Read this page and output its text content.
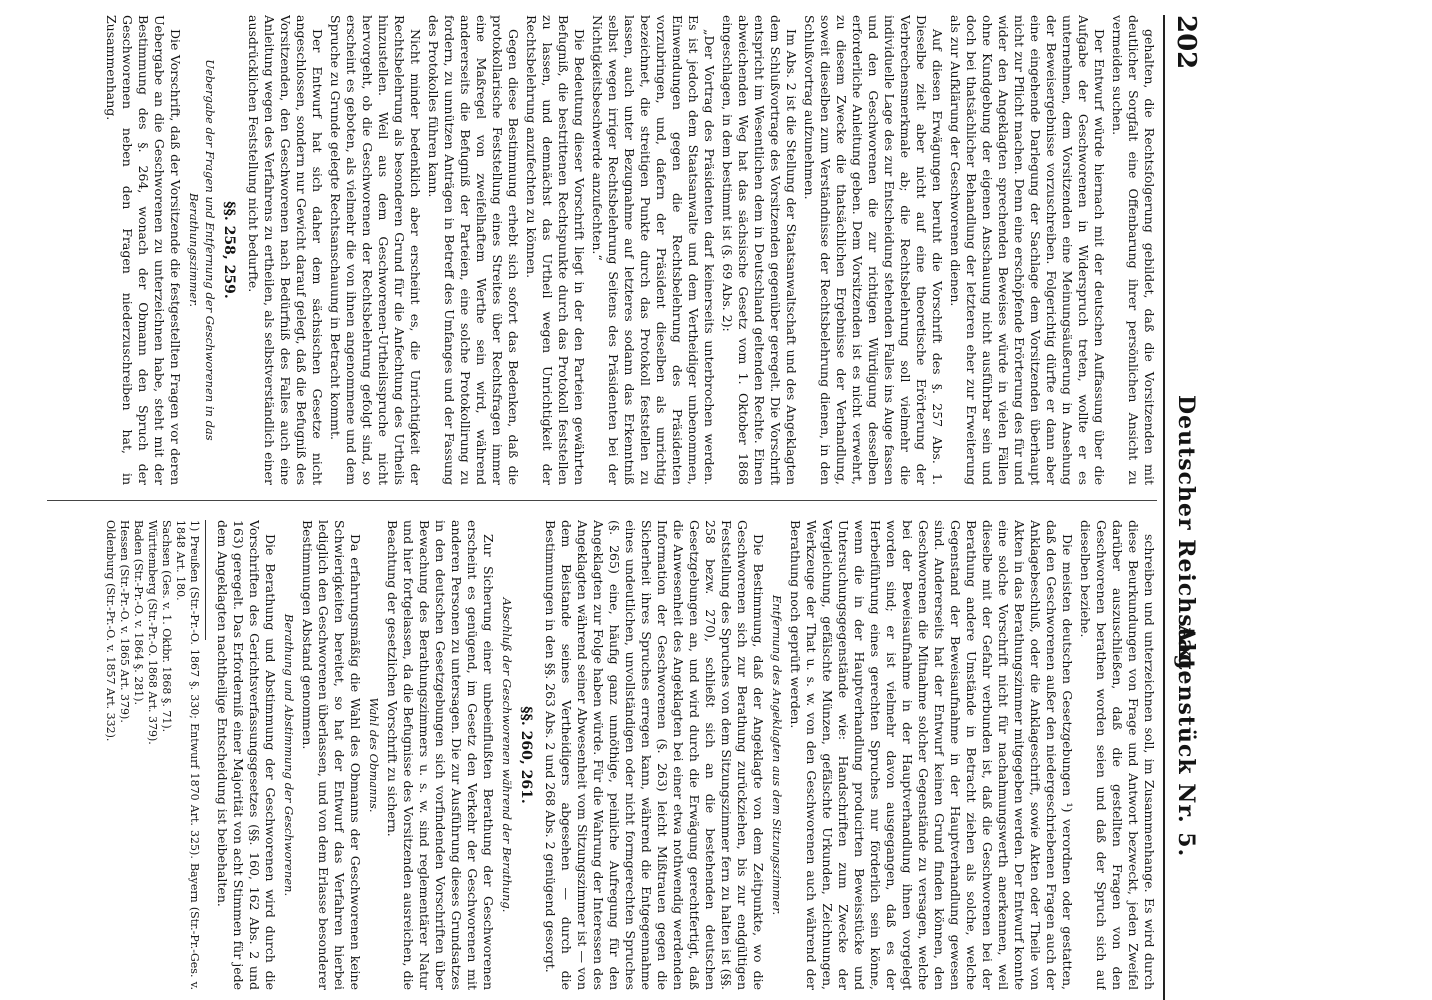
202
Deutscher Reichstag.
Aktenstück Nr. 5.

gehalten, die Rechtsfolgerung gebildet, daß die Vorsitzenden mit deutlicher Sorgfalt eine Offenbarung ihrer persönlichen Ansicht zu vermeiden suchen.

Der Entwurf würde hiernach mit der deutschen Auffassung über die Aufgabe der Geschworenen in Widerspruch treten, wollte er es unternehmen, dem Vorsitzenden eine Meinungsäußerung in Ansehung der Beweisergebnisse vorzuschreiben. Folgerichtig dürfte er dann aber eine eingehende Darlegung der Sachlage dem Vorsitzenden überhaupt nicht zur Pflicht machen. Denn eine erschöpfende Erörterung des für und wider den Angeklagten sprechenden Beweises würde in vielen Fällen ohne Kundgebung der eigenen Anschauung nicht ausführbar sein und doch bei thatsächlicher Behandlung der letzteren eher zur Erweiterung als zur Aufklärung der Geschworenen dienen.

Auf diesen Erwägungen beruht die Vorschrift des §. 257 Abs. 1. Dieselbe zielt aber nicht auf eine theoretische Erörterung der Verbrechensmerkmale ab; die Rechtsbelehrung soll vielmehr die individuelle Lage des zur Entscheidung stehenden Falles ins Auge fassen und den Geschworenen die zur richtigen Würdigung desselben erforderliche Anleitung geben. Dem Vorsitzenden ist es nicht verwehrt, zu diesem Zwecke die thatsächlichen Ergebnisse der Verhandlung, soweit dieselben zum Verständnisse der Rechtsbelehrung dienen, in den Schlußvortrag aufzunehmen.

Im Abs. 2 ist die Stellung der Staatsanwaltschaft und des Angeklagten dem Schlußvortrage des Vorsitzenden gegenüber geregelt. Die Vorschrift entspricht im Wesentlichen dem in Deutschland geltenden Rechte. Einen abweichenden Weg hat das sächsische Gesetz vom 1. Oktober 1868 eingeschlagen, in dem bestimmt ist (§. 69 Abs. 2):

„Der Vortrag des Präsidenten darf keinerseits unterbrochen werden. Es ist jedoch dem Staatsanwalte und dem Vertheidiger unbenommen, Einwendungen gegen die Rechtsbelehrung des Präsidenten vorzubringen, und, dafern der Präsident dieselben als unrichtig bezeichnet, die streitigen Punkte durch das Protokoll feststellen zu lassen, auch unter Bezugnahme auf letzteres sodann das Erkenntniß selbst wegen irriger Rechtsbelehrung Seitens des Präsidenten bei der Nichtigkeitsbeschwerde anzufechten.“

Die Bedeutung dieser Vorschrift liegt in der den Parteien gewährten Befugniß, die bestrittenen Rechtspunkte durch das Protokoll feststellen zu lassen, und demnächst das Urtheil wegen Unrichtigkeit der Rechtsbelehrung anzufechten zu können.

Gegen diese Bestimmung erhebt sich sofort das Bedenken, daß die protokollarische Feststellung eines Streites über Rechtsfragen immer eine Maßregel von zweifelhaftem Werthe sein wird, während andererseits die Befugniß der Parteien, eine solche Protokollirung zu fordern, zu unnützen Anträgen in Betreff des Umfanges und der Fassung des Protokolles führen kann.

Nicht minder bedenklich aber erscheint es, die Unrichtigkeit der Rechtsbelehrung als besonderen Grund für die Anfechtung des Urtheils hinzustellen. Weil aus dem Geschworenen-Urtheilsspruche nicht hervorgeht, ob die Geschworenen der Rechtsbelehrung gefolgt sind, so erscheint es geboten, als vielmehr die von ihnen angenommene und dem Spruche zu Grunde gelegte Rechtsanschauung in Betracht kommt.

Der Entwurf hat sich daher dem sächsischen Gesetze nicht angeschlossen, sondern nur Gewicht darauf gelegt, daß die Befugniß des Vorsitzenden, den Geschworenen nach Bedürfniß des Falles auch eine Anleitung wegen des Verfahrens zu ertheilen, als selbstverständlich einer ausdrücklichen Feststellung nicht bedurfte.

§§. 258, 259.

Uebergabe der Fragen und Entfernung der Geschworenen in das Berathungszimmer.

Die Vorschrift, daß der Vorsitzende die festgestellten Fragen vor deren Uebergabe an die Geschworenen zu unterzeichnen habe, steht mit der Bestimmung des §. 264, wonach der Obmann den Spruch der Geschworenen neben den Fragen niederzuschreiben hat, in Zusammenhang.

schreiben und unterzeichnen soll, im Zusammenhange. Es wird durch diese Beurkundungen von Frage und Antwort bezweckt, jeden Zweifel darüber auszuschließen, daß die gestellten Fragen von den Geschworenen berathen worden seien und daß der Spruch sich auf dieselben beziehe.

Die meisten deutschen Gesetzgebungen ¹) verordnen oder gestatten, daß den Geschworenen außer den niedergeschriebenen Fragen auch der Anklagebeschluß, oder die Anklageschrift, sowie Akten oder Theile von Akten in das Berathungszimmer mitgegeben werden. Der Entwurf konnte eine solche Vorschrift nicht für nachahmungswerth anerkennen, weil dieselbe mit der Gefahr verbunden ist, daß die Geschworenen bei der Berathung andere Umstände in Betracht ziehen als solche, welche Gegenstand der Beweisaufnahme in der Hauptverhandlung gewesen sind. Andererseits hat der Entwurf keinen Grund finden können, den Geschworenen die Mitnahme solcher Gegenstände zu versagen, welche bei der Beweisaufnahme in der Hauptverhandlung ihnen vorgelegt worden sind; er ist vielmehr davon ausgegangen, daß es der Herbeiführung eines gerechten Spruches nur förderlich sein könne, wenn die in der Hauptverhandlung producirten Beweisstücke und Untersuchungsgegenstände wie: Handschriften zum Zwecke der Vergleichung, gefälschte Münzen, gefälschte Urkunden, Zeichnungen, Werkzeuge der That u. s. w. von den Geschworenen auch während der Berathung noch geprüft werden.

Entfernung des Angeklagten aus dem Sitzungszimmer.

Die Bestimmung, daß der Angeklagte von dem Zeitpunkte, wo die Geschworenen sich zur Berathung zurückziehen, bis zur endgültigen Feststellung des Spruches von dem Sitzungszimmer fern zu halten ist (§§. 258 bezw. 270), schließt sich an die bestehenden deutschen Gesetzgebungen an, und wird durch die Erwägung gerechtfertigt, daß die Anwesenheit des Angeklagten bei einer etwa nothwendig werdenden Information der Geschworenen (§. 263) leicht Mißtrauen gegen die Sicherheit ihres Spruches erregen kann, während die Entgegennahme eines undeutlichen, unvollständigen oder nicht formgerechten Spruches (§. 265) eine, häufig ganz unnöthige, peinliche Aufregung für den Angeklagten zur Folge haben würde. Für die Wahrung der Interessen des Angeklagten während seiner Abwesenheit vom Sitzungszimmer ist — von dem Beistande seines Vertheidigers abgesehen — durch die Bestimmungen in den §§. 263 Abs. 2 und 268 Abs. 2 genügend gesorgt.

§§. 260, 261.

Abschluß der Geschworenen während der Berathung.

Zur Sicherung einer unbeeinflußten Berathung der Geschworenen erscheint es genügend, im Gesetz den Verkehr der Geschworenen mit anderen Personen zu untersagen. Die zur Ausführung dieses Grundsatzes in den deutschen Gesetzgebungen sich vorfindenden Vorschriften über Bewachung des Berathungszimmers u. s. w. sind reglementärer Natur und hier fortgelassen, da die Befugnisse des Vorsitzenden ausreichen, die Beachtung der gesetzlichen Vorschrift zu sichern.

Wahl des Obmanns.

Da erfahrungsmäßig die Wahl des Obmanns der Geschworenen keine Schwierigkeiten bereitet, so hat der Entwurf das Verfahren hierbei lediglich den Geschworenen überlassen, und von dem Erlasse besonderer Bestimmungen Abstand genommen.

Berathung und Abstimmung der Geschworenen.

Die Berathung und Abstimmung der Geschworenen wird durch die Vorschriften des Gerichtsverfassungsgesetzes (§§. 160, 162 Abs. 2 und 163) geregelt. Das Erforderniß einer Majorität von acht Stimmen für jede dem Angeklagten nachtheilige Entscheidung ist beibehalten.

1) Preußen (Str.-Pr.-O. 1867 §. 330; Entwurf 1870 Art. 325). Bayern (Str.-Pr.-Ges. v. 1848 Art. 180.

Sachsen (Ges. v. 1. Oktbr. 1868 §. 71).

Württemberg (Str.-Pr.-O. 1868 Art. 379).

Baden (Str.-Pr.-O. v. 1864 §. 281).

Hessen (Str.-Pr.-O. v. 1865 Art. 379).

Oldenburg (Str.-Pr.-O. v. 1857 Art. 332).
